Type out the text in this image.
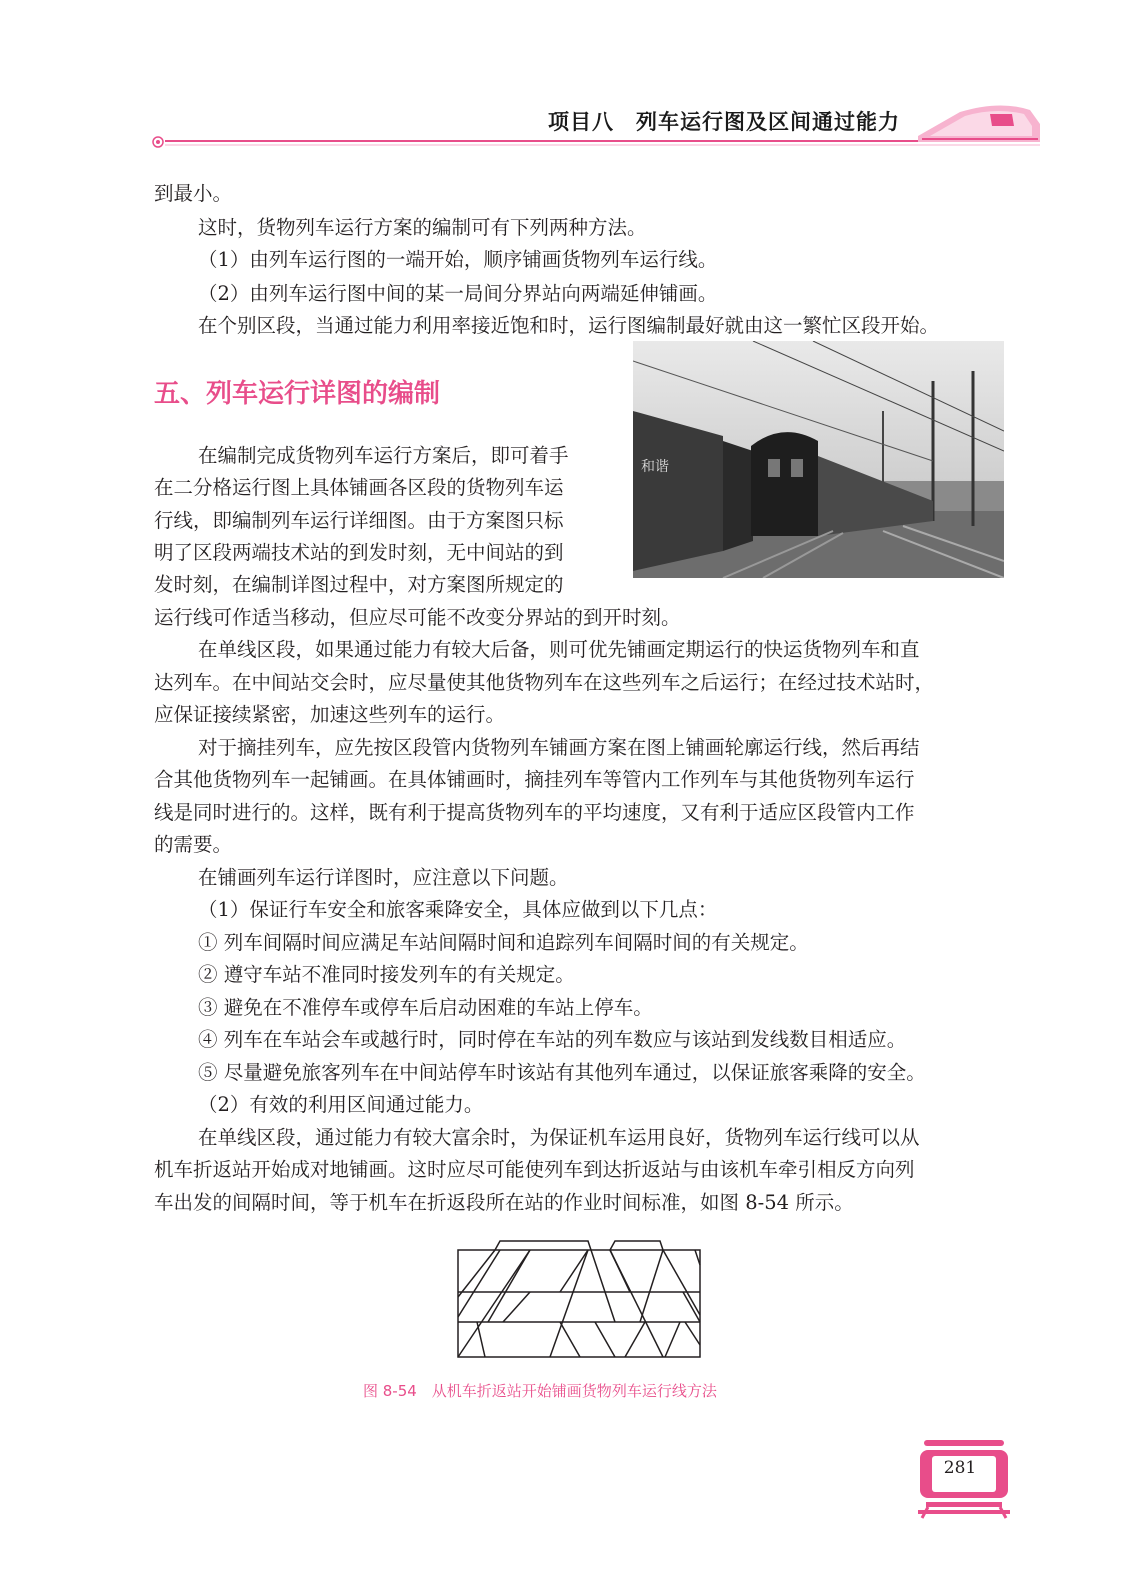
项目八　列车运行图及区间通过能力
到最小。
这时，货物列车运行方案的编制可有下列两种方法。
（1）由列车运行图的一端开始，顺序铺画货物列车运行线。
（2）由列车运行图中间的某一局间分界站向两端延伸铺画。
在个别区段，当通过能力利用率接近饱和时，运行图编制最好就由这一繁忙区段开始。
五、列车运行详图的编制
和谐
在编制完成货物列车运行方案后，即可着手
在二分格运行图上具体铺画各区段的货物列车运
行线，即编制列车运行详细图。由于方案图只标
明了区段两端技术站的到发时刻，无中间站的到
发时刻，在编制详图过程中，对方案图所规定的
运行线可作适当移动，但应尽可能不改变分界站的到开时刻。
在单线区段，如果通过能力有较大后备，则可优先铺画定期运行的快运货物列车和直
达列车。在中间站交会时，应尽量使其他货物列车在这些列车之后运行；在经过技术站时，
应保证接续紧密，加速这些列车的运行。
对于摘挂列车，应先按区段管内货物列车铺画方案在图上铺画轮廓运行线，然后再结
合其他货物列车一起铺画。在具体铺画时，摘挂列车等管内工作列车与其他货物列车运行
线是同时进行的。这样，既有利于提高货物列车的平均速度，又有利于适应区段管内工作
的需要。
在铺画列车运行详图时，应注意以下问题。
（1）保证行车安全和旅客乘降安全，具体应做到以下几点：
① 列车间隔时间应满足车站间隔时间和追踪列车间隔时间的有关规定。
② 遵守车站不准同时接发列车的有关规定。
③ 避免在不准停车或停车后启动困难的车站上停车。
④ 列车在车站会车或越行时，同时停在车站的列车数应与该站到发线数目相适应。
⑤ 尽量避免旅客列车在中间站停车时该站有其他列车通过，以保证旅客乘降的安全。
（2）有效的利用区间通过能力。
在单线区段，通过能力有较大富余时，为保证机车运用良好，货物列车运行线可以从
机车折返站开始成对地铺画。这时应尽可能使列车到达折返站与由该机车牵引相反方向列
车出发的间隔时间，等于机车在折返段所在站的作业时间标准，如图 8-54 所示。
图 8-54　从机车折返站开始铺画货物列车运行线方法
281
